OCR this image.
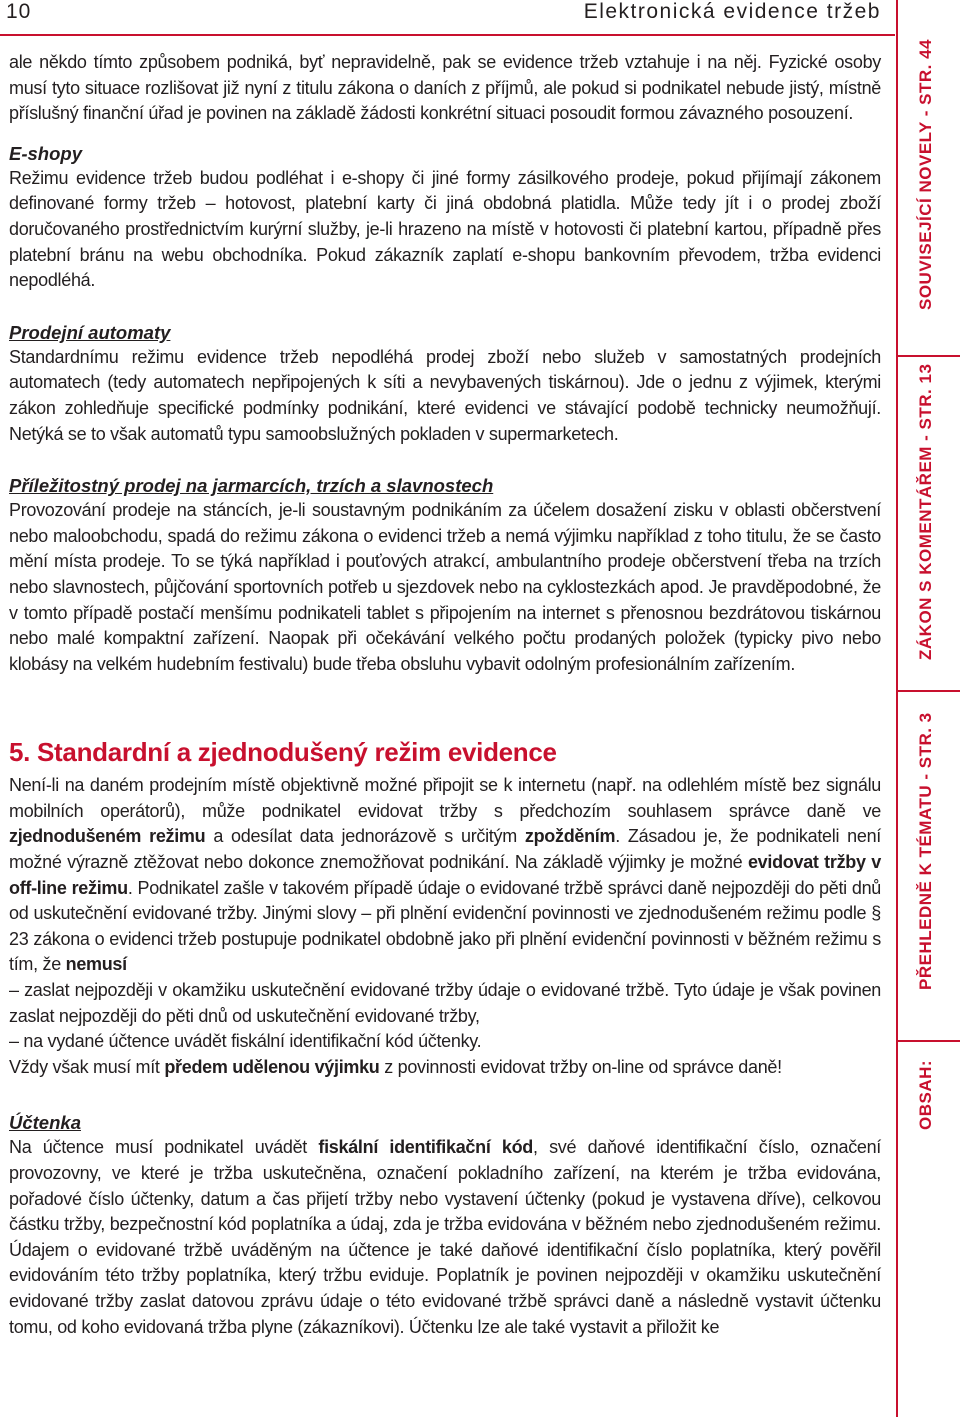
10	Elektronická evidence tržeb

ale někdo tímto způsobem podniká, byť nepravidelně, pak se evidence tržeb vztahuje i na něj. Fyzické osoby musí tyto situace rozlišovat již nyní z titulu zákona o daních z příjmů, ale pokud si podnikatel nebude jistý, místně příslušný finanční úřad je povinen na základě žádosti konkrétní situaci posoudit formou závazného posouzení.

E-shopy

Režimu evidence tržeb budou podléhat i e-shopy či jiné formy zásilkového prodeje, pokud přijímají zákonem definované formy tržeb – hotovost, platební karty či jiná obdobná platidla. Může tedy jít i o prodej zboží doručovaného prostřednictvím kurýrní služby, je-li hrazeno na místě v hotovosti či platební kartou, případně přes platební bránu na webu obchodníka. Pokud zákazník zaplatí e-shopu bankovním převodem, tržba evidenci nepodléhá.

Prodejní automaty

Standardnímu režimu evidence tržeb nepodléhá prodej zboží nebo služeb v samostatných prodejních automatech (tedy automatech nepřipojených k síti a nevybavených tiskárnou). Jde o jednu z výjimek, kterými zákon zohledňuje specifické podmínky podnikání, které evidenci ve stávající podobě technicky neumožňují. Netýká se to však automatů typu samoobslužných pokladen v supermarketech.

Příležitostný prodej na jarmarcích, trzích a slavnostech

Provozování prodeje na stáncích, je-li soustavným podnikáním za účelem dosažení zisku v oblasti občerstvení nebo maloobchodu, spadá do režimu zákona o evidenci tržeb a nemá výjimku například z toho titulu, že se často mění místa prodeje. To se týká například i pouťových atrakcí, ambulantního prodeje občerstvení třeba na trzích nebo slavnostech, půjčování sportovních potřeb u sjezdovek nebo na cyklostezkách apod. Je pravděpodobné, že v tomto případě postačí menšímu podnikateli tablet s připojením na internet s přenosnou bezdrátovou tiskárnou nebo malé kompaktní zařízení. Naopak při očekávání velkého počtu prodaných položek (typicky pivo nebo klobásy na velkém hudebním festivalu) bude třeba obsluhu vybavit odolným profesionálním zařízením.

5. Standardní a zjednodušený režim evidence

Není-li na daném prodejním místě objektivně možné připojit se k internetu (např. na odlehlém místě bez signálu mobilních operátorů), může podnikatel evidovat tržby s předchozím souhlasem správce daně ve zjednodušeném režimu a odesílat data jednorázově s určitým zpožděním. Zásadou je, že podnikateli není možné výrazně ztěžovat nebo dokonce znemožňovat podnikání. Na základě výjimky je možné evidovat tržby v off-line režimu. Podnikatel zašle v takovém případě údaje o evidované tržbě správci daně nejpozději do pěti dnů od uskutečnění evidované tržby. Jinými slovy – při plnění evidenční povinnosti ve zjednodušeném režimu podle § 23 zákona o evidenci tržeb postupuje podnikatel obdobně jako při plnění evidenční povinnosti v běžném režimu s tím, že nemusí

– zaslat nejpozději v okamžiku uskutečnění evidované tržby údaje o evidované tržbě. Tyto údaje je však povinen zaslat nejpozději do pěti dnů od uskutečnění evidované tržby,

– na vydané účtence uvádět fiskální identifikační kód účtenky.

Vždy však musí mít předem udělenou výjimku z povinnosti evidovat tržby on-line od správce daně!

Účtenka

Na účtence musí podnikatel uvádět fiskální identifikační kód, své daňové identifikační číslo, označení provozovny, ve které je tržba uskutečněna, označení pokladního zařízení, na kterém je tržba evidována, pořadové číslo účtenky, datum a čas přijetí tržby nebo vystavení účtenky (pokud je vystavena dříve), celkovou částku tržby, bezpečnostní kód poplatníka a údaj, zda je tržba evidována v běžném nebo zjednodušeném režimu. Údajem o evidované tržbě uváděným na účtence je také daňové identifikační číslo poplatníka, který pověřil evidováním této tržby poplatníka, který tržbu eviduje. Poplatník je povinen nejpozději v okamžiku uskutečnění evidované tržby zaslat datovou zprávu údaje o této evidované tržbě správci daně a následně vystavit účtenku tomu, od koho evidovaná tržba plyne (zákazníkovi). Účtenku lze ale také vystavit a přiložit ke

SOUVISEJÍCÍ NOVELY - STR. 44
ZÁKON S KOMENTÁŘEM - STR. 13
PŘEHLEDNĚ K TÉMATU - STR. 3
OBSAH:
